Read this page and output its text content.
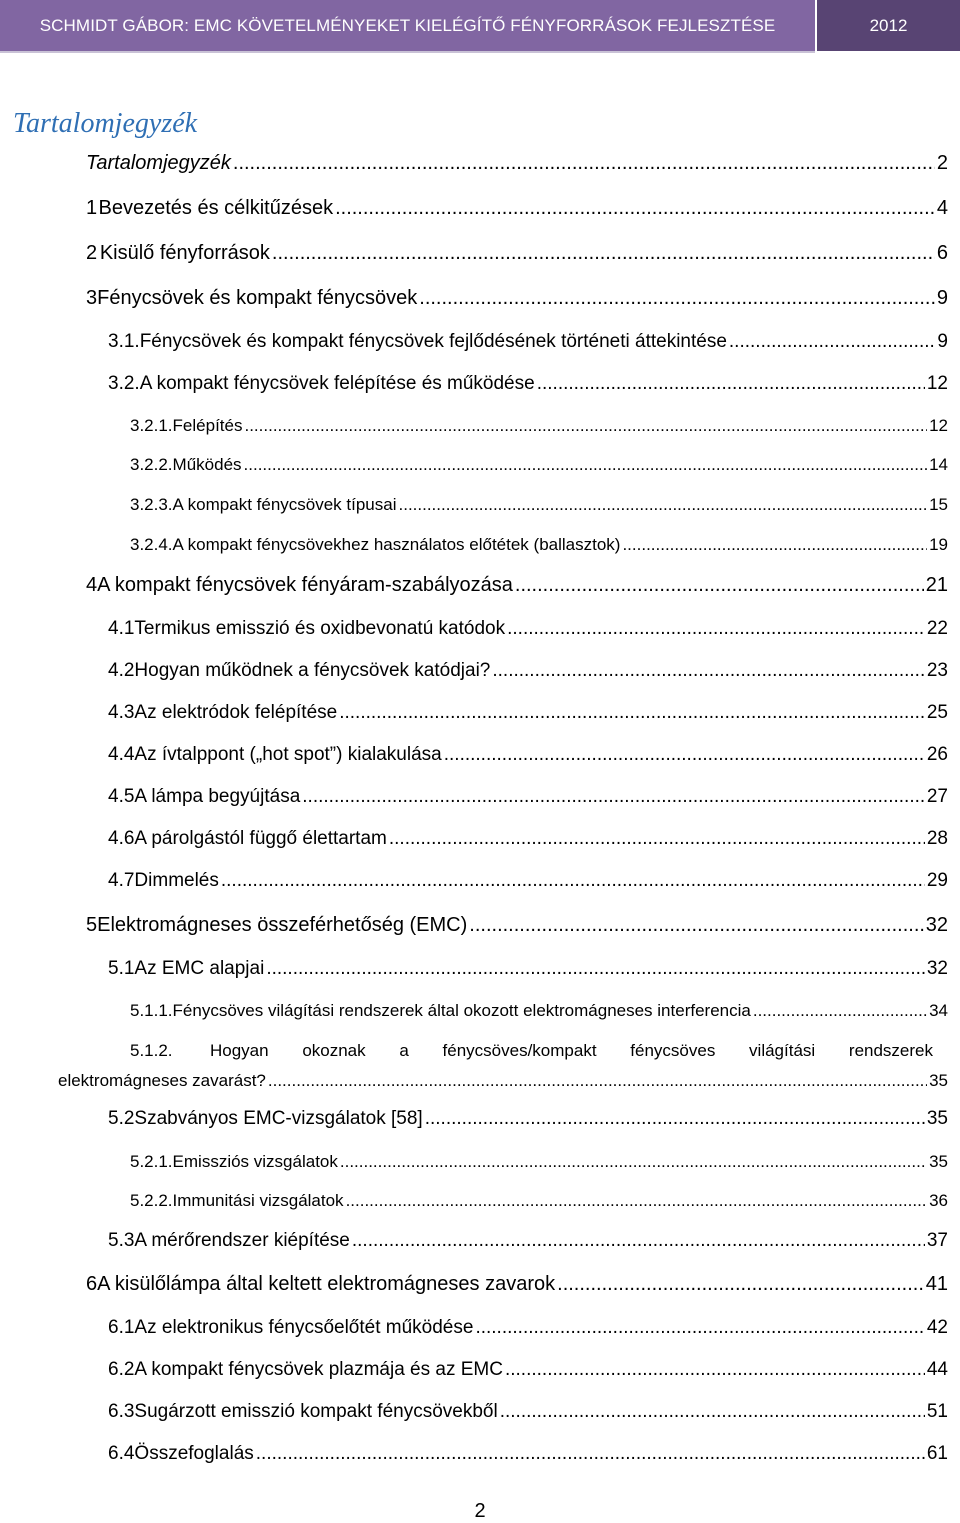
SCHMIDT GÁBOR: EMC KÖVETELMÉNYEKET KIELÉGÍTŐ FÉNYFORRÁSOK FEJLESZTÉSE	2012
Tartalomjegyzék
Tartalomjegyzék .....	2
1 Bevezetés és célkitűzések .....	4
2 Kisülő fényforrások .....	6
3 Fénycsövek és kompakt fénycsövek .....	9
3.1. Fénycsövek és kompakt fénycsövek fejlődésének történeti áttekintése .....	9
3.2. A kompakt fénycsövek felépítése és működése .....	12
3.2.1. Felépítés .....	12
3.2.2. Működés .....	14
3.2.3. A kompakt fénycsövek típusai .....	15
3.2.4. A kompakt fénycsövekhez használatos előtétek (ballasztok) .....	19
4 A kompakt fénycsövek fényáram-szabályozása .....	21
4.1 Termikus emisszió és oxidbevonatú katódok .....	22
4.2 Hogyan működnek a fénycsövek katódjai? .....	23
4.3 Az elektródok felépítése .....	25
4.4 Az ívtalppont („hot spot”) kialakulása .....	26
4.5 A lámpa begyújtása .....	27
4.6 A párolgástól függő élettartam .....	28
4.7 Dimmelés .....	29
5 Elektromágneses összeférhetőség (EMC) .....	32
5.1 Az EMC alapjai .....	32
5.1.1. Fénycsöves világítási rendszerek által okozott elektromágneses interferencia .....	34
5.1.2.	Hogyan okoznak a fénycsöves/kompakt fénycsöves világítási rendszerek
elektromágneses zavarást? .....	35
5.2 Szabványos EMC-vizsgálatok [58] .....	35
5.2.1. Emissziós vizsgálatok .....	35
5.2.2. Immunitási vizsgálatok .....	36
5.3 A mérőrendszer kiépítése .....	37
6 A kisülőlámpa által keltett elektromágneses zavarok .....	41
6.1 Az elektronikus fénycsőelőtét működése .....	42
6.2 A kompakt fénycsövek plazmája és az EMC .....	44
6.3 Sugárzott emisszió kompakt fénycsövekből .....	51
6.4 Összefoglalás .....	61
2
